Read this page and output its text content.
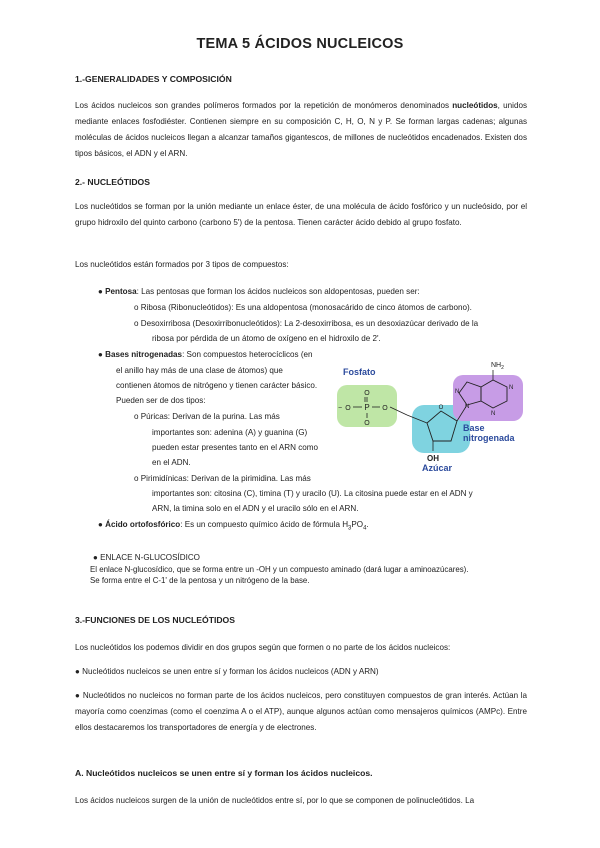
TEMA 5 ÁCIDOS NUCLEICOS
1.-GENERALIDADES Y COMPOSICIÓN
Los ácidos nucleicos son grandes polímeros formados por la repetición de monómeros denominados nucleótidos, unidos mediante enlaces fosfodiéster. Contienen siempre en su composición C, H, O, N y P. Se forman largas cadenas; algunas moléculas de ácidos nucleicos llegan a alcanzar tamaños gigantescos, de millones de nucleótidos encadenados. Existen dos tipos básicos, el ADN y el ARN.
2.- NUCLEÓTIDOS
Los nucleótidos se forman por la unión mediante un enlace éster, de una molécula de ácido fosfórico y un nucleósido, por el grupo hidroxilo del quinto carbono (carbono 5') de la pentosa. Tienen carácter ácido debido al grupo fosfato.
Los nucleótidos están formados por 3 tipos de compuestos:
● Pentosa: Las pentosas que forman los ácidos nucleicos son aldopentosas, pueden ser:
o Ribosa (Ribonucleótidos): Es una aldopentosa (monosacárido de cinco átomos de carbono).
o Desoxirribosa (Desoxirribonucleótidos): La 2-desoxirribosa, es un desoxiazúcar derivado de la
ribosa por pérdida de un átomo de oxígeno en el hidroxilo de 2'.
● Bases nitrogenadas: Son compuestos heterocíclicos (en
el anillo hay más de una clase de átomos) que
contienen átomos de nitrógeno y tienen carácter básico.
Pueden ser de dos tipos:
o Púricas: Derivan de la purina. Las más
importantes son: adenina (A) y guanina (G)
pueden estar presentes tanto en el ARN como
en el ADN.
o Pirimidínicas: Derivan de la pirimidina. Las más
importantes son: citosina (C), timina (T) y uracilo (U). La citosina puede estar en el ADN y
ARN, la timina solo en el ADN y el uracilo sólo en el ARN.
● Ácido ortofosfórico: Es un compuesto químico ácido de fórmula $H_3PO_4$.
● ENLACE N-GLUCOSÍDICO
El enlace N-glucosídico, que se forma entre un -OH y un compuesto aminado (dará lugar a aminoazúcares).
Se forma entre el C-1' de la pentosa y un nitrógeno de la base.
Fosfato
O
P
O
O	O
−	O
OH
Azúcar
$NH_2$
N
N
N
N
Base
nitrogenada
3.-FUNCIONES DE LOS NUCLEÓTIDOS
Los nucleótidos los podemos dividir en dos grupos según que formen o no parte de los ácidos nucleicos:
● Nucleótidos nucleicos se unen entre sí y forman los ácidos nucleicos (ADN y ARN)
● Nucleótidos no nucleicos no forman parte de los ácidos nucleicos, pero constituyen compuestos de gran interés. Actúan la mayoría como coenzimas (como el coenzima A o el ATP), aunque algunos actúan como mensajeros químicos (AMPc). Entre ellos destacaremos los transportadores de energía y de electrones.
A. Nucleótidos nucleicos se unen entre sí y forman los ácidos nucleicos.
Los ácidos nucleicos surgen de la unión de nucleótidos entre sí, por lo que se componen de polinucleótidos. La
